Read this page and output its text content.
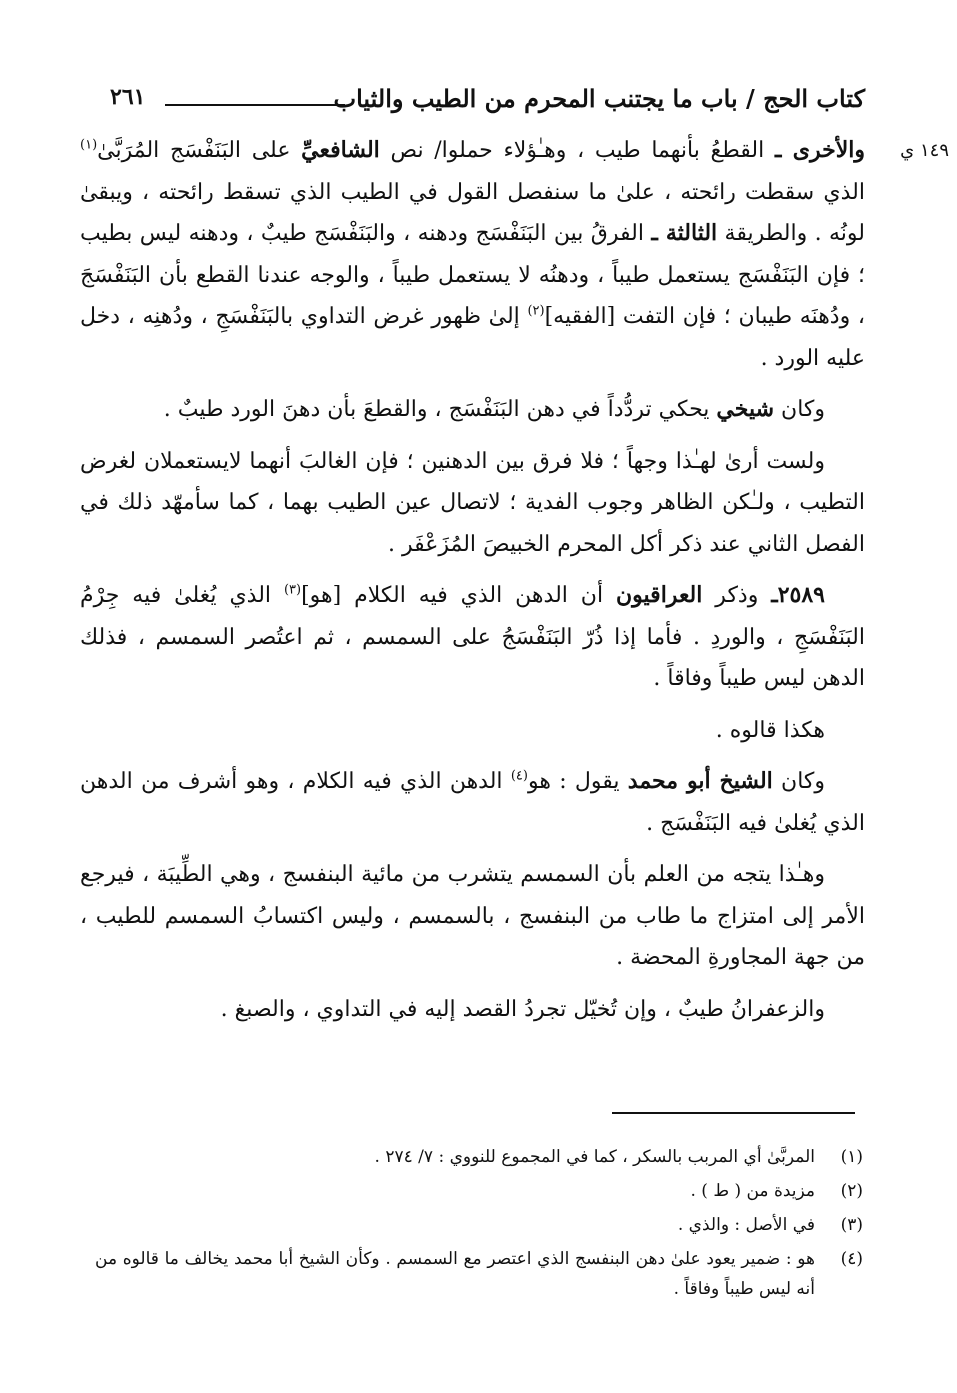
كتاب الحج / باب ما يجتنب المحرم من الطيب والثياب
٢٦١
١٤٩ ي

والأخرى ـ القطعُ بأنهما طيب ، وهـٰؤلاء حملوا/ نص الشافعيِّ على البَنَفْسَج المُرَبَّىٰ$^{(١)}$ الذي سقطت رائحته ، علىٰ ما سنفصل القول في الطيب الذي تسقط رائحته ، ويبقىٰ لونُه . والطريقة الثالثة ـ الفرقُ بين البَنَفْسَج ودهنه ، والبَنَفْسَج طيبٌ ، ودهنه ليس بطيب ؛ فإن البَنَفْسَج يستعمل طيباً ، ودهنُه لا يستعمل طيباً ، والوجه عندنا القطع بأن البَنَفْسَجَ ، ودُهنَه طيبان ؛ فإن التفت [الفقيه]$^{(٢)}$ إلىٰ ظهور غرض التداوي بالبَنَفْسَجِ ، ودُهنِه ، دخل عليه الورد .

وكان شيخي يحكي تردُّداً في دهن البَنَفْسَج ، والقطعَ بأن دهنَ الورد طيبٌ .

ولست أرىٰ لهـٰذا وجهاً ؛ فلا فرق بين الدهنين ؛ فإن الغالبَ أنهما لايستعملان لغرض التطيب ، ولـٰكن الظاهر وجوب الفدية ؛ لاتصال عين الطيب بهما ، كما سأمهّد ذلك في الفصل الثاني عند ذكر أكل المحرم الخبيصَ المُزَعْفَر .

٢٥٨٩ـ وذكر العراقيون أن الدهن الذي فيه الكلام [هو]$^{(٣)}$ الذي يُغلىٰ فيه جِرْمُ البَنَفْسَجِ ، والوردِ . فأما إذا ذُرّ البَنَفْسَجُ على السمسم ، ثم اعتُصر السمسم ، فذلك الدهن ليس طيباً وفاقاً .

هكذا قالوه .

وكان الشيخ أبو محمد يقول : هو$^{(٤)}$ الدهن الذي فيه الكلام ، وهو أشرف من الدهن الذي يُغلىٰ فيه البَنَفْسَج .

وهـٰذا يتجه من العلم بأن السمسم يتشرب من مائية البنفسج ، وهي الطِّيبَة ، فيرجع الأمر إلى امتزاج ما طاب من البنفسج ، بالسمسم ، وليس اكتسابُ السمسم للطيب ، من جهة المجاورةِ المحضة .

والزعفرانُ طيبٌ ، وإن تُخيّل تجردُ القصد إليه في التداوي ، والصبغ .

(١)
المربَّىٰ أي المربب بالسكر ، كما في المجموع للنووي : ٧/ ٢٧٤ .
(٢)
مزيدة من ( ط ) .
(٣)
في الأصل : والذي .
(٤)
هو : ضمير يعود علىٰ دهن البنفسج الذي اعتصر مع السمسم . وكأن الشيخ أبا محمد يخالف ما قالوه من أنه ليس طيباً وفاقاً .
